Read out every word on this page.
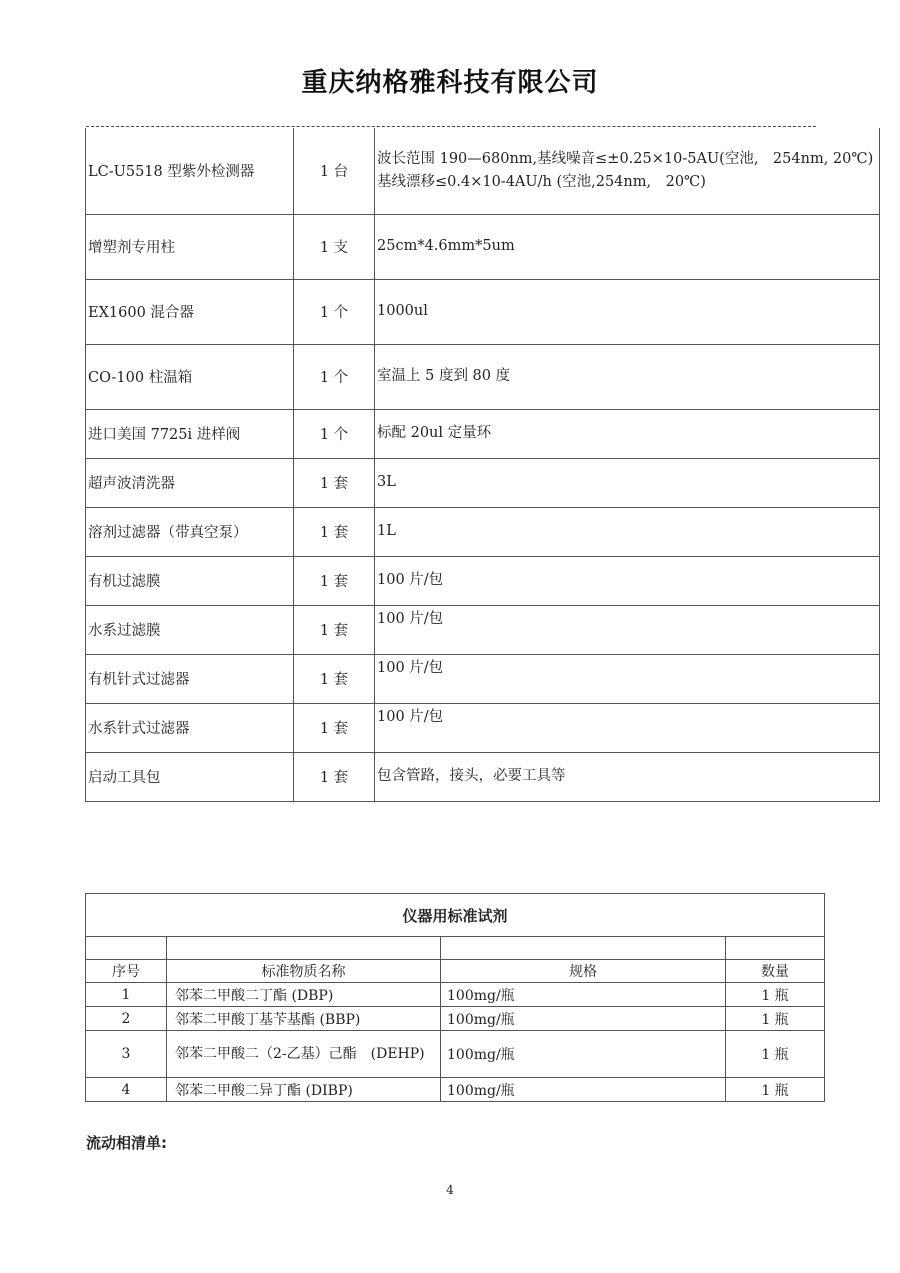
重庆纳格雅科技有限公司
LC-U5518 型紫外检测器	1 台	波长范围 190—680nm,基线噪音≤±0.25×10-5AU(空池,　254nm, 20℃) 基线漂移≤0.4×10-4AU/h (空池,254nm,　20℃)
增塑剂专用柱	1 支	25cm*4.6mm*5um
EX1600 混合器	1 个	1000ul
CO-100 柱温箱	1 个	室温上 5 度到 80 度
进口美国 7725i 进样阀	1 个	标配 20ul 定量环
超声波清洗器	1 套	3L
溶剂过滤器（带真空泵）	1 套	1L
有机过滤膜	1 套	100 片/包
水系过滤膜	1 套	100 片/包
有机针式过滤器	1 套	100 片/包
水系针式过滤器	1 套	100 片/包
启动工具包	1 套	包含管路，接头，必要工具等
仪器用标准试剂			

序号	标准物质名称	规格	数量
1	邻苯二甲酸二丁酯 (DBP)	100mg/瓶	1 瓶
2	邻苯二甲酸丁基苄基酯 (BBP)	100mg/瓶	1 瓶
3	邻苯二甲酸二（2-乙基）己酯　(DEHP)	100mg/瓶	1 瓶
4	邻苯二甲酸二异丁酯 (DIBP)	100mg/瓶	1 瓶
流动相清单:
4
